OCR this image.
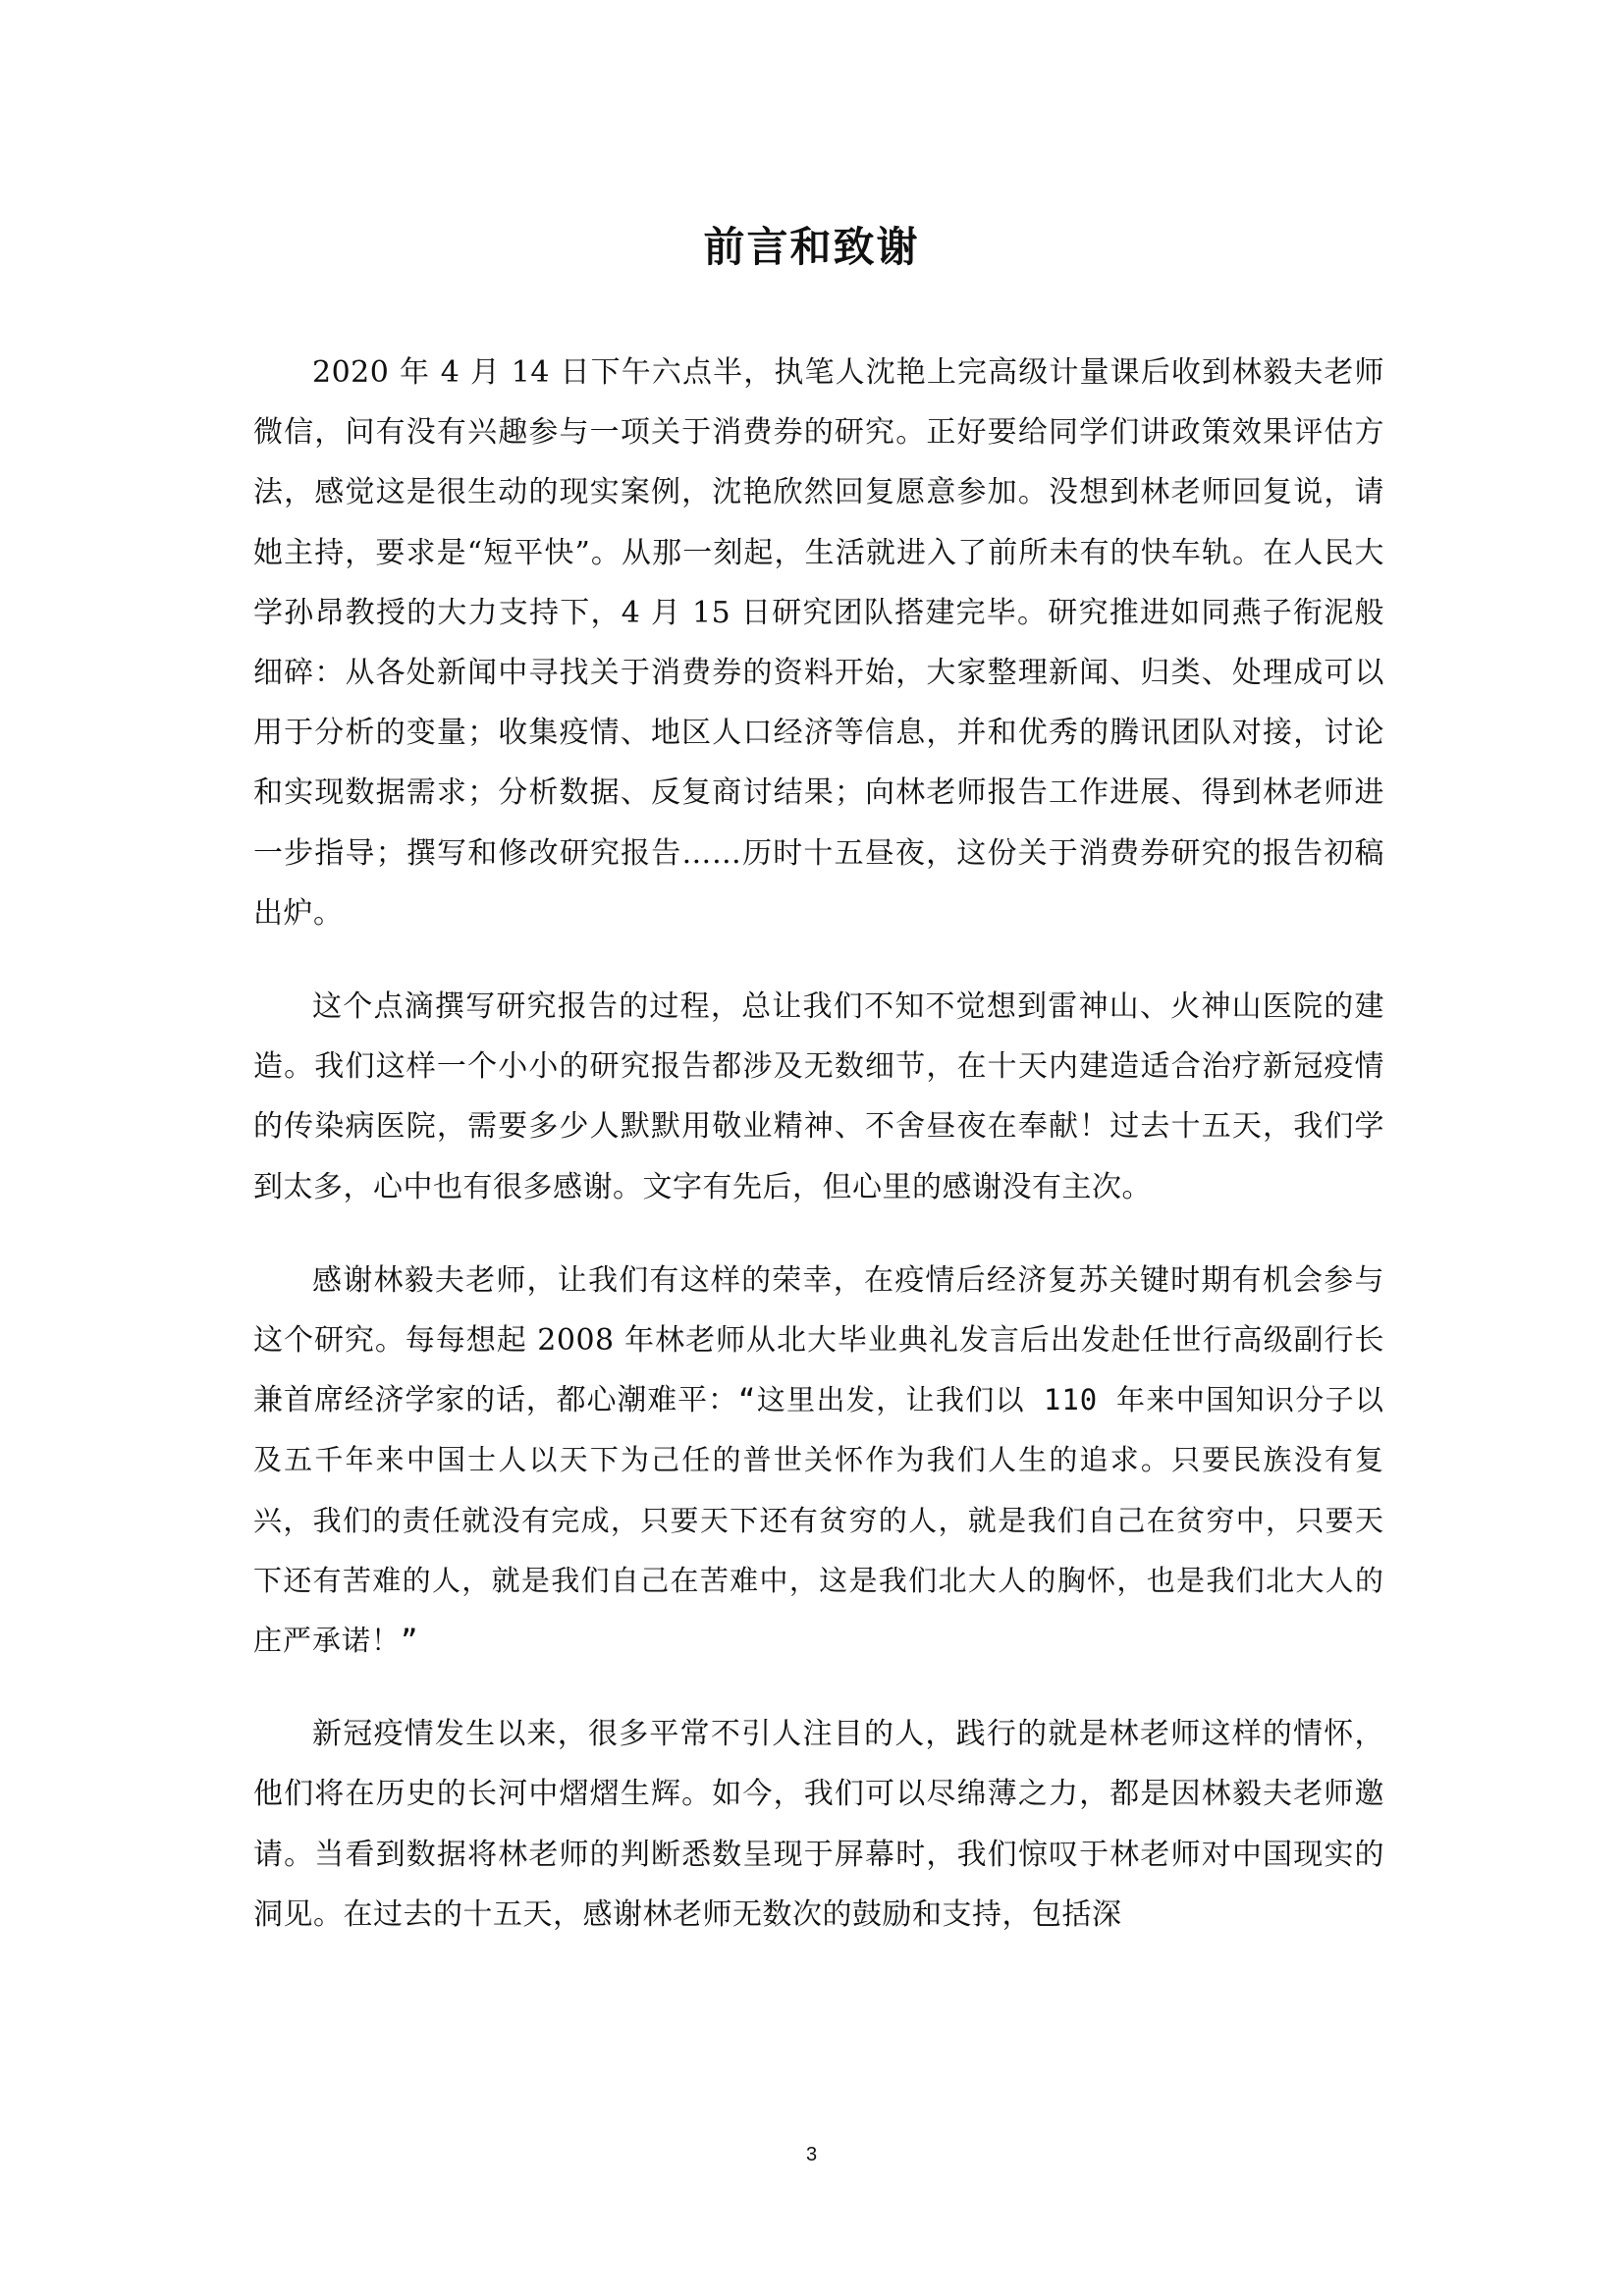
前言和致谢

2020 年 4 月 14 日下午六点半，执笔人沈艳上完高级计量课后收到林毅夫老师微信，问有没有兴趣参与一项关于消费券的研究。正好要给同学们讲政策效果评估方法，感觉这是很生动的现实案例，沈艳欣然回复愿意参加。没想到林老师回复说，请她主持，要求是“短平快”。从那一刻起，生活就进入了前所未有的快车轨。在人民大学孙昂教授的大力支持下，4 月 15 日研究团队搭建完毕。研究推进如同燕子衔泥般细碎：从各处新闻中寻找关于消费券的资料开始，大家整理新闻、归类、处理成可以用于分析的变量；收集疫情、地区人口经济等信息，并和优秀的腾讯团队对接，讨论和实现数据需求；分析数据、反复商讨结果；向林老师报告工作进展、得到林老师进一步指导；撰写和修改研究报告……历时十五昼夜，这份关于消费券研究的报告初稿出炉。

这个点滴撰写研究报告的过程，总让我们不知不觉想到雷神山、火神山医院的建造。我们这样一个小小的研究报告都涉及无数细节，在十天内建造适合治疗新冠疫情的传染病医院，需要多少人默默用敬业精神、不舍昼夜在奉献！过去十五天，我们学到太多，心中也有很多感谢。文字有先后，但心里的感谢没有主次。

感谢林毅夫老师，让我们有这样的荣幸，在疫情后经济复苏关键时期有机会参与这个研究。每每想起 2008 年林老师从北大毕业典礼发言后出发赴任世行高级副行长兼首席经济学家的话，都心潮难平：“这里出发，让我们以 110 年来中国知识分子以及五千年来中国士人以天下为己任的普世关怀作为我们人生的追求。只要民族没有复兴，我们的责任就没有完成，只要天下还有贫穷的人，就是我们自己在贫穷中，只要天下还有苦难的人，就是我们自己在苦难中，这是我们北大人的胸怀，也是我们北大人的庄严承诺！”

新冠疫情发生以来，很多平常不引人注目的人，践行的就是林老师这样的情怀，他们将在历史的长河中熠熠生辉。如今，我们可以尽绵薄之力，都是因林毅夫老师邀请。当看到数据将林老师的判断悉数呈现于屏幕时，我们惊叹于林老师对中国现实的洞见。在过去的十五天，感谢林老师无数次的鼓励和支持，包括深

3
